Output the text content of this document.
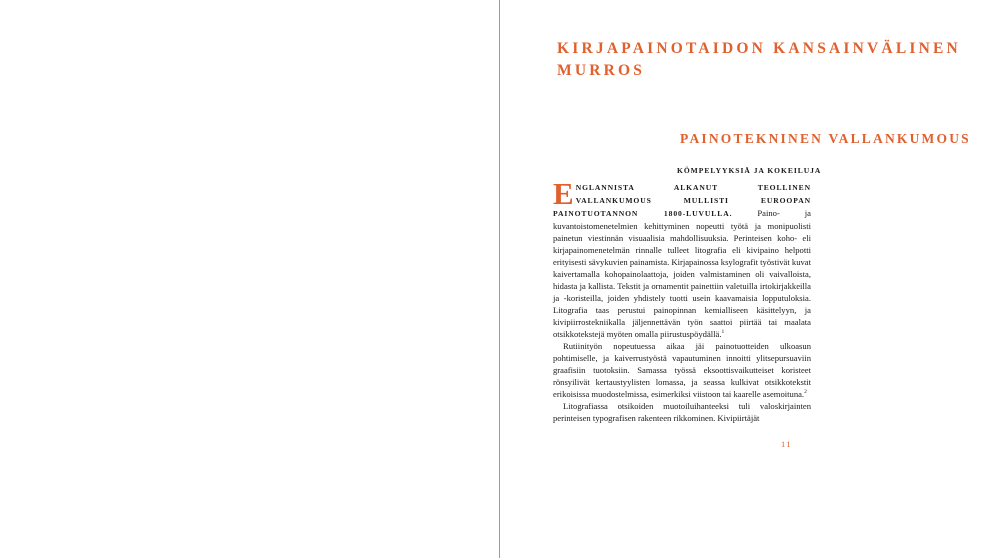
KIRJAPAINOTAIDON KANSAINVÄLINEN
MURROS
PAINOTEKNINEN VALLANKUMOUS
KÖMPELYYKSIÄ JA KOKEILUJA

ENGLANNISTA ALKANUT TEOLLINEN VALLANKUMOUS MULLISTI EUROOPAN PAINOTUOTANNON 1800-LUVULLA. Paino- ja kuvantoistomenetelmien kehittyminen nopeutti työtä ja monipuolisti painetun viestinnän visuaalisia mahdollisuuksia. Perinteisen koho- eli kirjapainomenetelmän rinnalle tulleet litografia eli kivipaino helpotti erityisesti sävykuvien painamista. Kirjapainossa ksylografit työstivät kuvat kaivertamalla kohopainolaattoja, joiden valmistaminen oli vaivalloista, hidasta ja kallista. Tekstit ja ornamentit painettiin valetuilla irtokirjakkeilla ja -koristeilla, joiden yhdistely tuotti usein kaavamaisia lopputuloksia. Litografia taas perustui painopinnan kemialliseen käsittelyyn, ja kivipiirrostekniikalla jäljennettävän työn saattoi piirtää tai maalata otsikkotekstejä myöten omalla piirustuspöydällä.$^1$

Rutiinityön nopeutuessa aikaa jäi painotuotteiden ulkoasun pohtimiselle, ja kaiverrustyöstä vapautuminen innoitti ylitsepursuaviin graafisiin tuotoksiin. Samassa työssä eksoottisvaikutteiset koristeet rönsyilivät kertaustyylisten lomassa, ja seassa kulkivat otsikkotekstit erikoisissa muodostelmissa, esimerkiksi viistoon tai kaarelle asemoituna.$^2$

Litografiassa otsikoiden muotoiluihanteeksi tuli valoskirjainten perinteisen typografisen rakenteen rikkominen. Kivipiirtäjät

11
